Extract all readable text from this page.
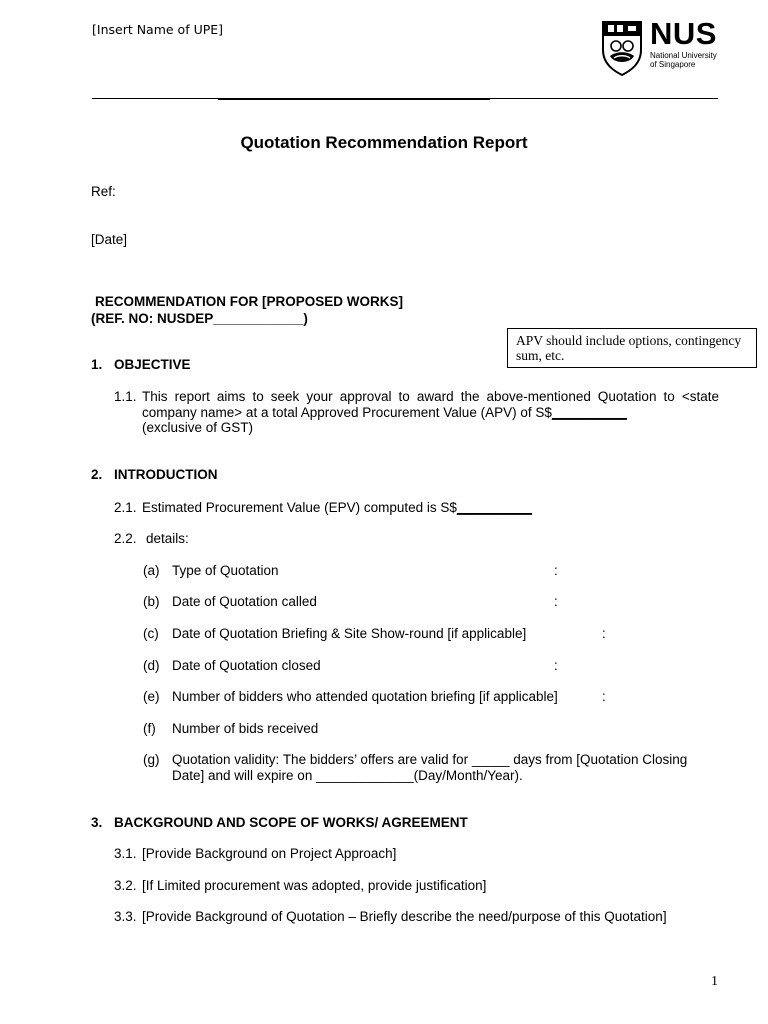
[Insert Name of UPE]	NUS
National University
of Singapore
Quotation Recommendation Report
Ref:
[Date]
RECOMMENDATION FOR [PROPOSED WORKS]
(REF. NO: NUSDEP____________)
APV should include options, contingency sum, etc.
1. OBJECTIVE
1.1. This report aims to seek your approval to award the above-mentioned Quotation to <state company name> at a total Approved Procurement Value (APV) of S$__________
(exclusive of GST)
2. INTRODUCTION
2.1. Estimated Procurement Value (EPV) computed is S$__________
2.2. details:
(a) Type of Quotation	:
(b) Date of Quotation called	:
(c) Date of Quotation Briefing & Site Show-round [if applicable]	:
(d) Date of Quotation closed	:
(e) Number of bidders who attended quotation briefing [if applicable]	:
(f) Number of bids received
(g) Quotation validity: The bidders’ offers are valid for _____ days from [Quotation Closing
Date] and will expire on _____________(Day/Month/Year).
3. BACKGROUND AND SCOPE OF WORKS/ AGREEMENT
3.1. [Provide Background on Project Approach]
3.2. [If Limited procurement was adopted, provide justification]
3.3. [Provide Background of Quotation – Briefly describe the need/purpose of this Quotation]
1
